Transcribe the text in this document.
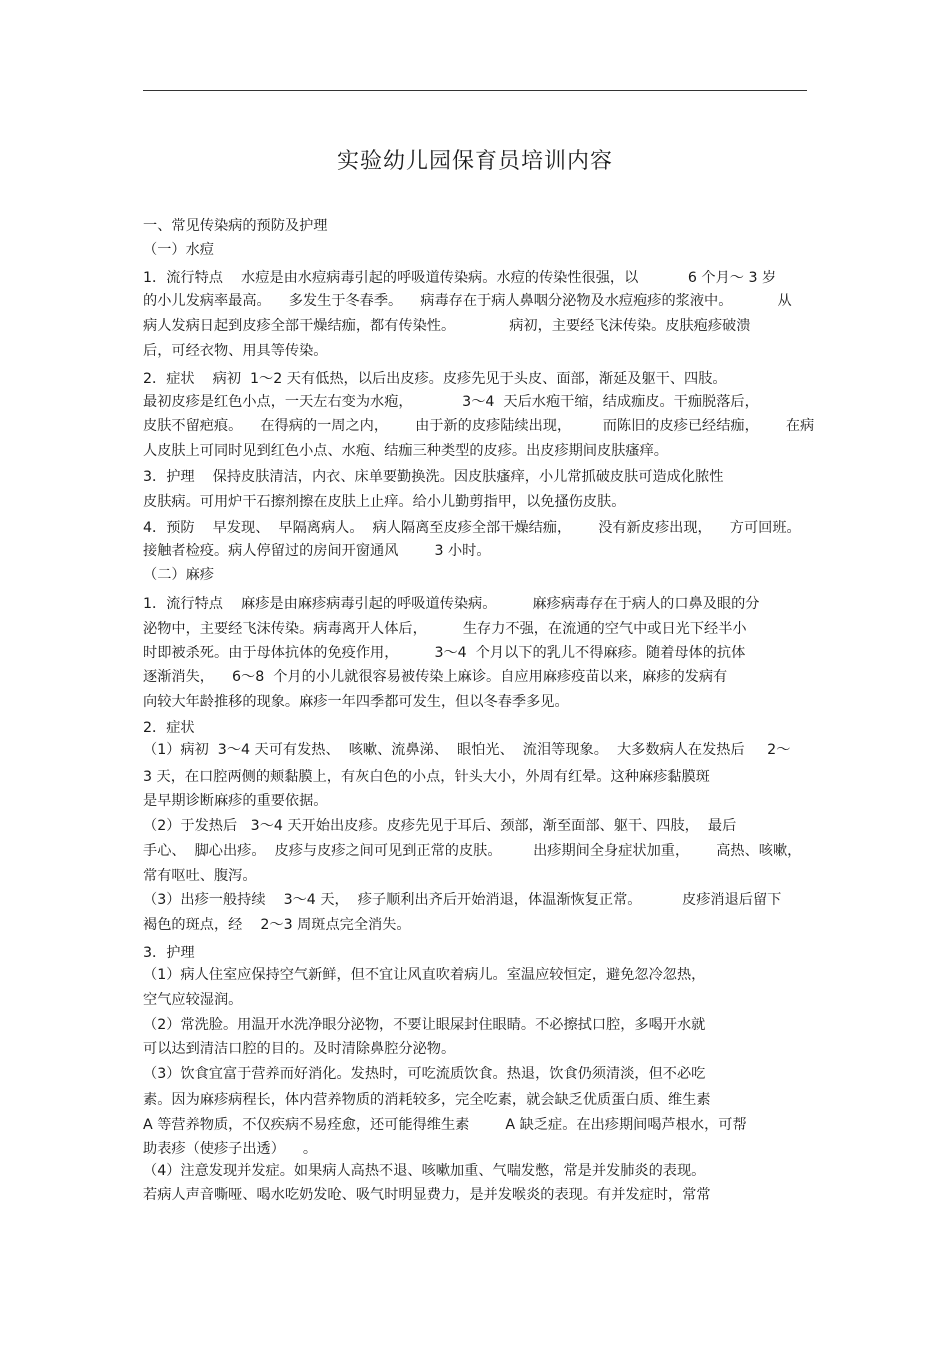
实验幼儿园保育员培训内容
一、常见传染病的预防及护理
（一）水痘
1．流行特点    水痘是由水痘病毒引起的呼吸道传染病。水痘的传染性很强，以           6 个月～ 3 岁
的小儿发病率最高。    多发生于冬春季。    病毒存在于病人鼻咽分泌物及水痘疱疹的浆液中。          从
病人发病日起到皮疹全部干燥结痂，都有传染性。            病初，主要经飞沫传染。皮肤疱疹破溃
后，可经衣物、用具等传染。
2．症状    病初  1～2 天有低热，以后出皮疹。皮疹先见于头皮、面部，渐延及躯干、四肢。
最初皮疹是红色小点，一天左右变为水疱，           3～4  天后水疱干缩，结成痂皮。干痂脱落后，
皮肤不留疤痕。    在得病的一周之内，      由于新的皮疹陆续出现，       而陈旧的皮疹已经结痂，      在病
人皮肤上可同时见到红色小点、水疱、结痂三种类型的皮疹。出皮疹期间皮肤瘙痒。
3．护理    保持皮肤清洁，内衣、床单要勤换洗。因皮肤瘙痒，小儿常抓破皮肤可造成化脓性
皮肤病。可用炉干石擦剂擦在皮肤上止痒。给小儿勤剪指甲，以免搔伤皮肤。
4．预防    早发现、  早隔离病人。  病人隔离至皮疹全部干燥结痂，      没有新皮疹出现，    方可回班。
接触者检疫。病人停留过的房间开窗通风        3 小时。
（二）麻疹
1．流行特点    麻疹是由麻疹病毒引起的呼吸道传染病。        麻疹病毒存在于病人的口鼻及眼的分
泌物中，主要经飞沫传染。病毒离开人体后，        生存力不强，在流通的空气中或日光下经半小
时即被杀死。由于母体抗体的免疫作用，        3～4  个月以下的乳儿不得麻疹。随着母体的抗体
逐渐消失，    6～8  个月的小儿就很容易被传染上麻诊。自应用麻疹疫苗以来，麻疹的发病有
向较大年龄推移的现象。麻疹一年四季都可发生，但以冬春季多见。
2．症状
（1）病初  3～4 天可有发热、  咳嗽、流鼻涕、  眼怕光、  流泪等现象。  大多数病人在发热后     2～
3 天，在口腔两侧的颊黏膜上，有灰白色的小点，针头大小，外周有红晕。这种麻疹黏膜斑
是早期诊断麻疹的重要依据。
（2）于发热后   3～4 天开始出皮疹。皮疹先见于耳后、颈部，渐至面部、躯干、四肢，  最后
手心、  脚心出疹。  皮疹与皮疹之间可见到正常的皮肤。       出疹期间全身症状加重，      高热、咳嗽，
常有呕吐、腹泻。
（3）出疹一般持续    3～4 天，  疹子顺利出齐后开始消退，体温渐恢复正常。         皮疹消退后留下
褐色的斑点，经    2～3 周斑点完全消失。
3．护理
（1）病人住室应保持空气新鲜，但不宜让风直吹着病儿。室温应较恒定，避免忽冷忽热，
空气应较湿润。
（2）常洗脸。用温开水洗净眼分泌物，不要让眼屎封住眼睛。不必擦拭口腔，多喝开水就
可以达到清洁口腔的目的。及时清除鼻腔分泌物。
（3）饮食宜富于营养而好消化。发热时，可吃流质饮食。热退，饮食仍须清淡，但不必吃
素。因为麻疹病程长，体内营养物质的消耗较多，完全吃素，就会缺乏优质蛋白质、维生素
A 等营养物质，不仅疾病不易痊愈，还可能得维生素        A 缺乏症。在出疹期间喝芦根水，可帮
助表疹（使疹子出透）    。
（4）注意发现并发症。如果病人高热不退、咳嗽加重、气喘发憋，常是并发肺炎的表现。
若病人声音嘶哑、喝水吃奶发呛、吸气时明显费力，是并发喉炎的表现。有并发症时，常常
